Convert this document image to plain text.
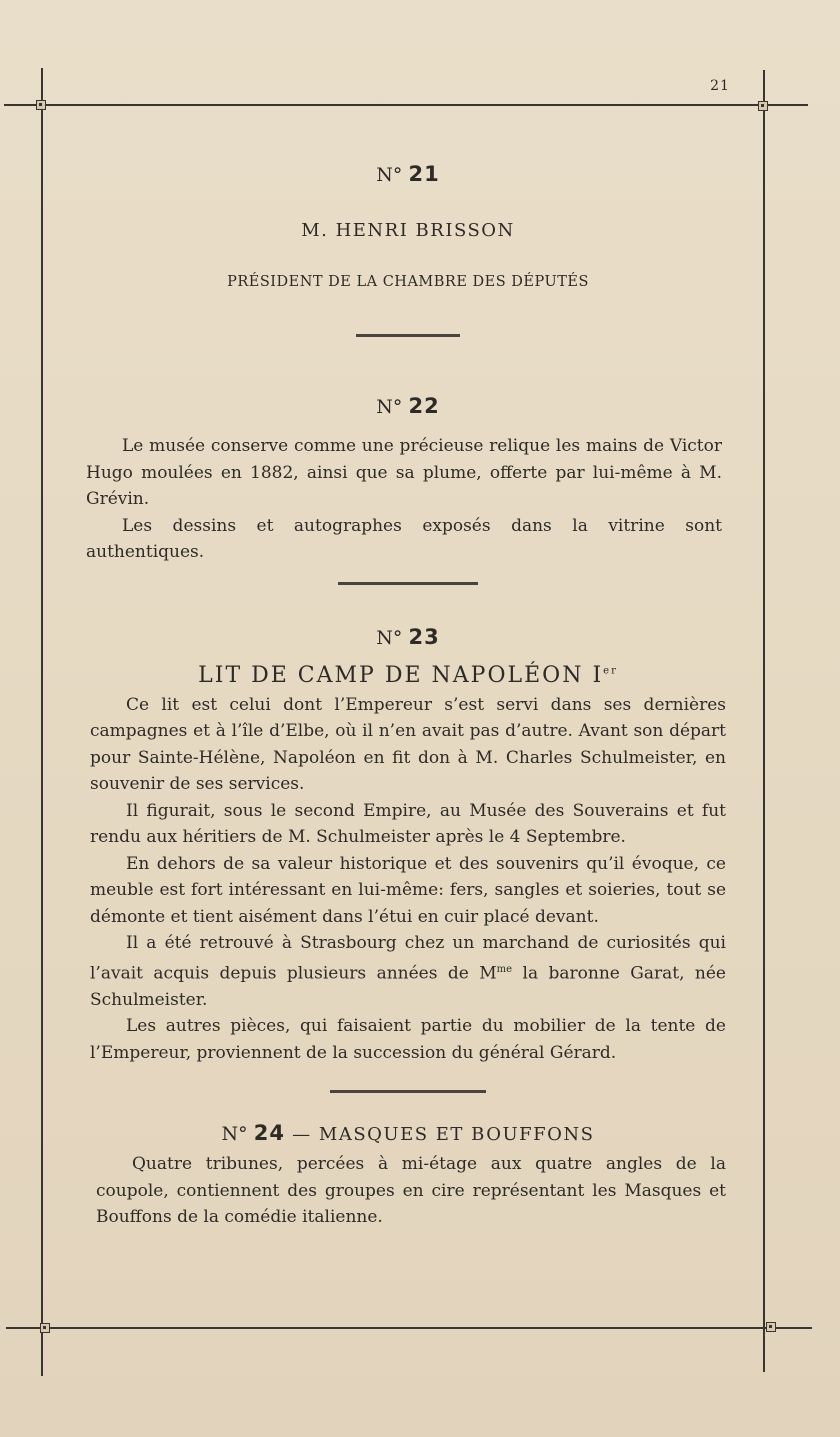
21
N° 21
M. HENRI BRISSON
PRÉSIDENT DE LA CHAMBRE DES DÉPUTÉS
N° 22

Le musée conserve comme une précieuse relique les mains de Victor Hugo moulées en 1882, ainsi que sa plume, offerte par lui-même à M. Grévin.

Les dessins et autographes exposés dans la vitrine sont authentiques.

N° 23
LIT DE CAMP DE NAPOLÉON Ier

Ce lit est celui dont l’Empereur s’est servi dans ses dernières campagnes et à l’île d’Elbe, où il n’en avait pas d’autre. Avant son départ pour Sainte-Hélène, Napoléon en fit don à M. Charles Schulmeister, en souvenir de ses services.

Il figurait, sous le second Empire, au Musée des Souverains et fut rendu aux héritiers de M. Schulmeister après le 4 Septembre.

En dehors de sa valeur historique et des souvenirs qu’il évoque, ce meuble est fort intéressant en lui-même: fers, sangles et soieries, tout se démonte et tient aisément dans l’étui en cuir placé devant.

Il a été retrouvé à Strasbourg chez un marchand de curiosités qui l’avait acquis depuis plusieurs années de $M^{me}$ la baronne Garat, née Schulmeister.

Les autres pièces, qui faisaient partie du mobilier de la tente de l’Empereur, proviennent de la succession du général Gérard.

N° 24 — MASQUES ET BOUFFONS

Quatre tribunes, percées à mi-étage aux quatre angles de la coupole, contiennent des groupes en cire représentant les Masques et Bouffons de la comédie italienne.
